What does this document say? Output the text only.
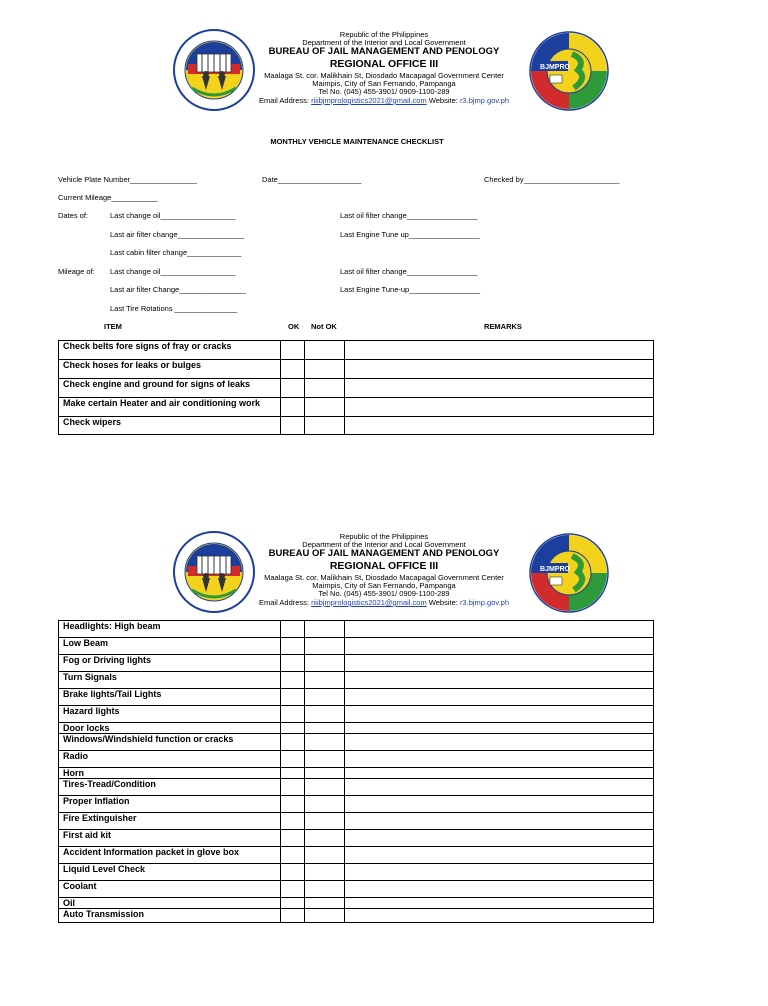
Republic of the Philippines
Department of the Interior and Local Government
BUREAU OF JAIL MANAGEMENT AND PENOLOGY
REGIONAL OFFICE III
Maalaga St. cor. Malikhain St, Diosdado Macapagal Government Center
Maimpis, City of San Fernando, Pampanga
Tel No. (045) 455-3901/ 0909-1100-289
Email Address: riiibjmprologistics2021@gmail.com Website: r3.bjmp.gov.ph
BJMPRO
MONTHLY VEHICLE MAINTENANCE CHECKLIST
Vehicle Plate Number________________	Date____________________	Checked by_______________________
Current Mileage___________
Dates of:	Last change oil__________________	Last oil filter change_________________
Last air filter change________________	Last Engine Tune up_________________
Last cabin filter change_____________
Mileage of: Last change oil__________________	Last oil filter change_________________
Last air filter Change________________	Last Engine Tune-up_________________
Last Tire Rotations _______________
ITEM	OK Not OK	REMARKS
Check belts fore signs of fray or cracks			
Check hoses for leaks or bulges			
Check engine and ground for signs of leaks			
Make certain Heater and air conditioning work			
Check wipers			
Republic of the Philippines
Department of the Interior and Local Government
BUREAU OF JAIL MANAGEMENT AND PENOLOGY
REGIONAL OFFICE III
Maalaga St. cor. Malikhain St, Diosdado Macapagal Government Center
Maimpis, City of San Fernando, Pampanga
Tel No. (045) 455-3901/ 0909-1100-289
Email Address: riiibjmprologistics2021@gmail.com Website: r3.bjmp.gov.ph
BJMPRO
Headlights: High beam			
Low Beam			
Fog or Driving lights			
Turn Signals			
Brake lights/Tail Lights			
Hazard lights			
Door locks			
Windows/Windshield function or cracks			
Radio			
Horn			
Tires-Tread/Condition			
Proper Inflation			
Fire Extinguisher			
First aid kit			
Accident Information packet in glove box			
Liquid Level Check			
Coolant			
Oil			
Auto Transmission			
